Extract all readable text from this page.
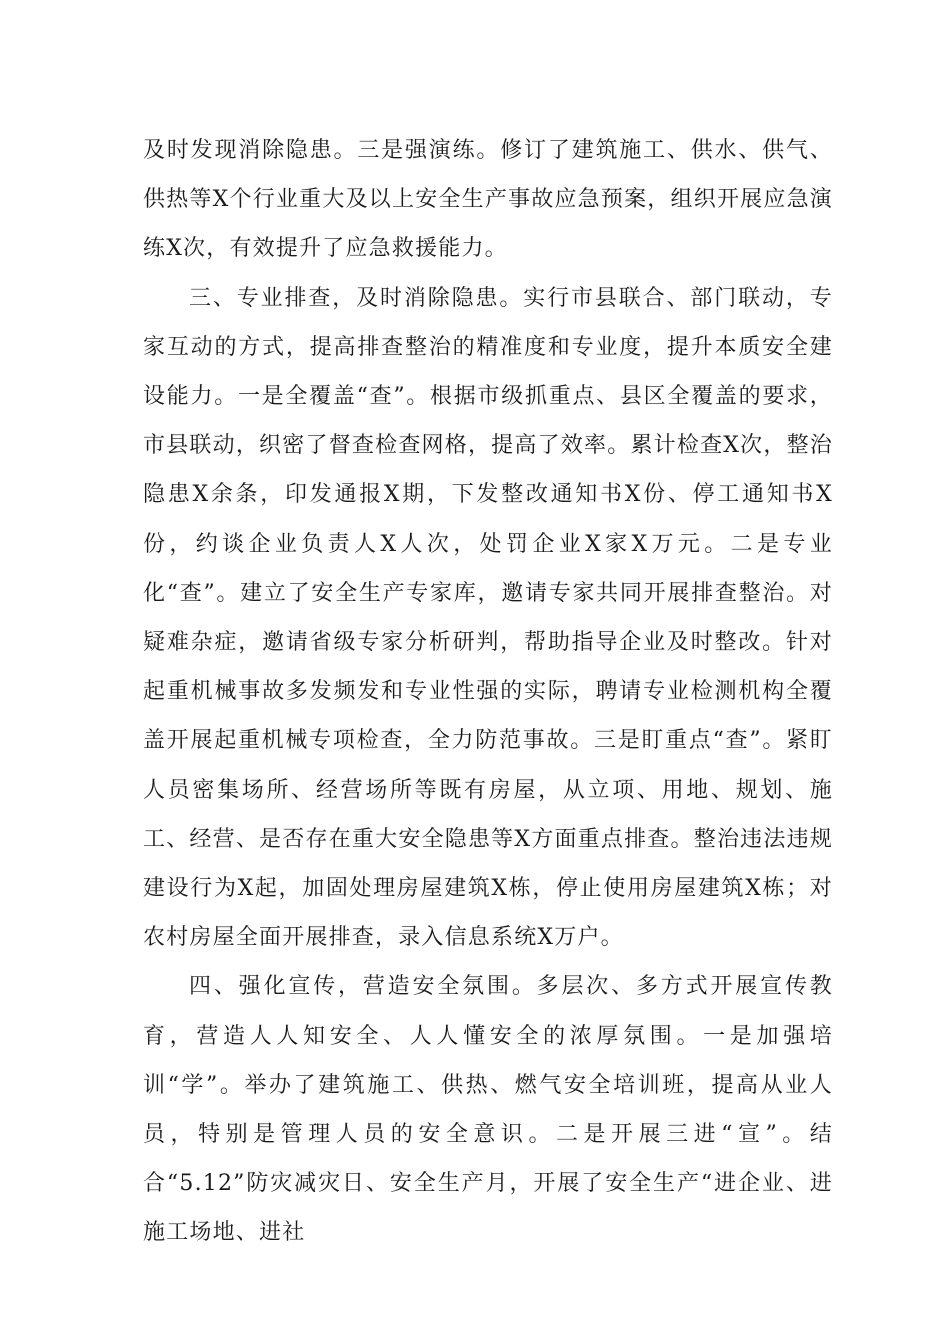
及时发现消除隐患。三是强演练。修订了建筑施工、供水、供气、供热等X个行业重大及以上安全生产事故应急预案，组织开展应急演练X次，有效提升了应急救援能力。

三、专业排查，及时消除隐患。实行市县联合、部门联动，专家互动的方式，提高排查整治的精准度和专业度，提升本质安全建设能力。一是全覆盖“查”。根据市级抓重点、县区全覆盖的要求，市县联动，织密了督查检查网格，提高了效率。累计检查X次，整治隐患X余条，印发通报X期，下发整改通知书X份、停工通知书X份，约谈企业负责人X人次，处罚企业X家X万元。二是专业化“查”。建立了安全生产专家库，邀请专家共同开展排查整治。对疑难杂症，邀请省级专家分析研判，帮助指导企业及时整改。针对起重机械事故多发频发和专业性强的实际，聘请专业检测机构全覆盖开展起重机械专项检查，全力防范事故。三是盯重点“查”。紧盯人员密集场所、经营场所等既有房屋，从立项、用地、规划、施工、经营、是否存在重大安全隐患等X方面重点排查。整治违法违规建设行为X起，加固处理房屋建筑X栋，停止使用房屋建筑X栋；对农村房屋全面开展排查，录入信息系统X万户。

四、强化宣传，营造安全氛围。多层次、多方式开展宣传教育，营造人人知安全、人人懂安全的浓厚氛围。一是加强培训“学”。举办了建筑施工、供热、燃气安全培训班，提高从业人员，特别是管理人员的安全意识。二是开展三进“宣”。结合“5.12”防灾减灾日、安全生产月，开展了安全生产“进企业、进施工场地、进社
